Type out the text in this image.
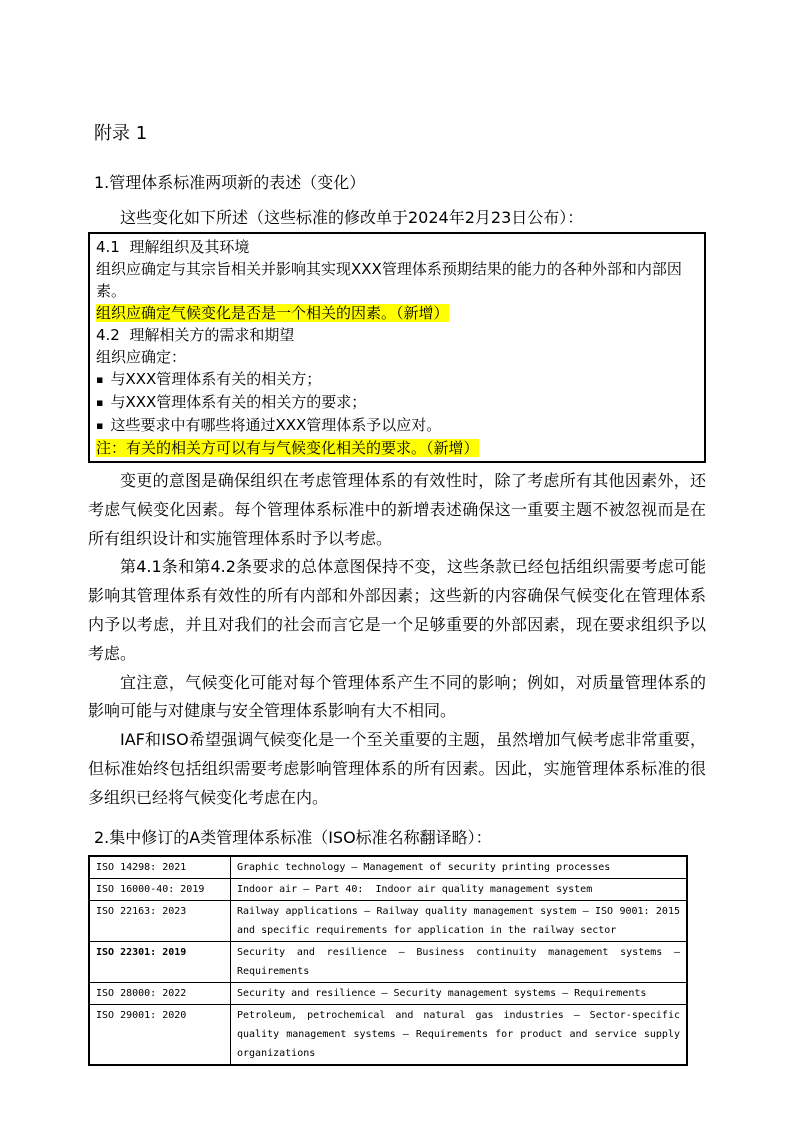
附录 1
1.管理体系标准两项新的表述（变化）

这些变化如下所述（这些标准的修改单于2024年2月23日公布）：

4.1  理解组织及其环境
组织应确定与其宗旨相关并影响其实现XXX管理体系预期结果的能力的各种外部和内部因素。
组织应确定气候变化是否是一个相关的因素。（新增）
4.2  理解相关方的需求和期望
组织应确定：
▪ 与XXX管理体系有关的相关方；
▪ 与XXX管理体系有关的相关方的要求；
▪ 这些要求中有哪些将通过XXX管理体系予以应对。
注：有关的相关方可以有与气候变化相关的要求。（新增）

变更的意图是确保组织在考虑管理体系的有效性时，除了考虑所有其他因素外，还考虑气候变化因素。每个管理体系标准中的新增表述确保这一重要主题不被忽视而是在所有组织设计和实施管理体系时予以考虑。

第4.1条和第4.2条要求的总体意图保持不变，这些条款已经包括组织需要考虑可能影响其管理体系有效性的所有内部和外部因素；这些新的内容确保气候变化在管理体系内予以考虑，并且对我们的社会而言它是一个足够重要的外部因素，现在要求组织予以考虑。

宜注意，气候变化可能对每个管理体系产生不同的影响；例如，对质量管理体系的影响可能与对健康与安全管理体系影响有大不相同。

IAF和ISO希望强调气候变化是一个至关重要的主题，虽然增加气候考虑非常重要，但标准始终包括组织需要考虑影响管理体系的所有因素。因此，实施管理体系标准的很多组织已经将气候变化考虑在内。

2.集中修订的A类管理体系标准（ISO标准名称翻译略）：
ISO 14298: 2021	Graphic technology — Management of security printing processes
ISO 16000-40: 2019	Indoor air — Part 40:  Indoor air quality management system
ISO 22163: 2023	Railway applications — Railway quality management system — ISO 9001: 2015 and specific requirements for application in the railway sector
ISO 22301: 2019	Security and resilience — Business continuity management systems — Requirements
ISO 28000: 2022	Security and resilience — Security management systems — Requirements
ISO 29001: 2020	Petroleum, petrochemical and natural gas industries — Sector-specific quality management systems — Requirements for product and service supply organizations
